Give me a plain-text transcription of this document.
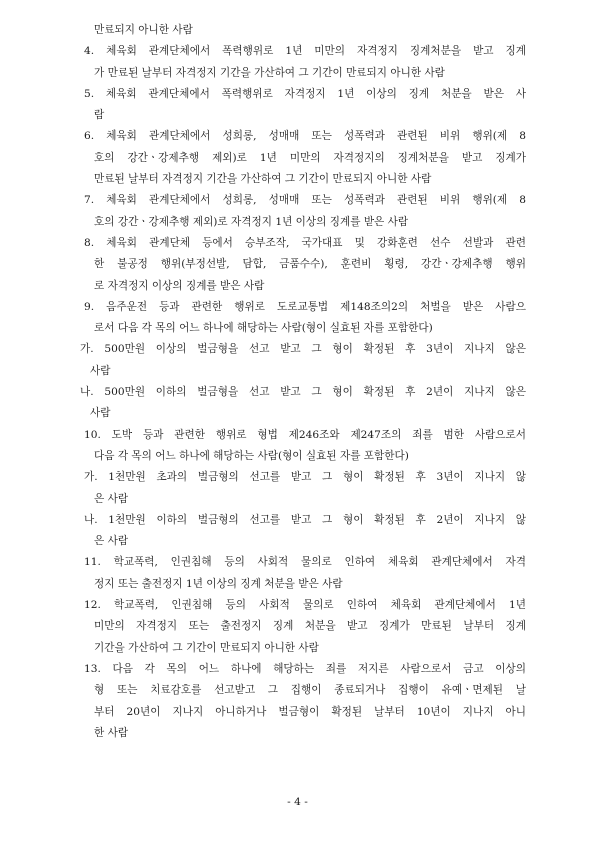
만료되지 아니한 사람

4. 체육회 관계단체에서 폭력행위로 1년 미만의 자격정지 징계처분을 받고 징계
가 만료된 날부터 자격정지 기간을 가산하여 그 기간이 만료되지 아니한 사람

5. 체육회 관계단체에서 폭력행위로 자격정지 1년 이상의 징계 처분을 받은 사
람

6. 체육회 관계단체에서 성희롱, 성매매 또는 성폭력과 관련된 비위 행위(제 8
호의 강간ㆍ강제추행 제외)로 1년 미만의 자격정지의 징계처분을 받고 징계가
만료된 날부터 자격정지 기간을 가산하여 그 기간이 만료되지 아니한 사람

7. 체육회 관계단체에서 성희롱, 성매매 또는 성폭력과 관련된 비위 행위(제 8
호의 강간ㆍ강제추행 제외)로 자격정지 1년 이상의 징계를 받은 사람

8. 체육회 관계단체 등에서 승부조작, 국가대표 및 강화훈련 선수 선발과 관련
한 불공정 행위(부정선발, 담합, 금품수수), 훈련비 횡령, 강간ㆍ강제추행 행위
로 자격정지 이상의 징계를 받은 사람

9. 음주운전 등과 관련한 행위로 도로교통법 제148조의2의 처벌을 받은 사람으
로서 다음 각 목의 어느 하나에 해당하는 사람(형이 실효된 자를 포함한다)

가. 500만원 이상의 벌금형을 선고 받고 그 형이 확정된 후 3년이 지나지 않은
사람

나. 500만원 이하의 벌금형을 선고 받고 그 형이 확정된 후 2년이 지나지 않은
사람

10. 도박 등과 관련한 행위로 형법 제246조와 제247조의 죄를 범한 사람으로서
다음 각 목의 어느 하나에 해당하는 사람(형이 실효된 자를 포함한다)

가. 1천만원 초과의 벌금형의 선고를 받고 그 형이 확정된 후 3년이 지나지 않
은 사람

나. 1천만원 이하의 벌금형의 선고를 받고 그 형이 확정된 후 2년이 지나지 않
은 사람

11. 학교폭력, 인권침해 등의 사회적 물의로 인하여 체육회 관계단체에서 자격
정지 또는 출전정지 1년 이상의 징계 처분을 받은 사람

12. 학교폭력, 인권침해 등의 사회적 물의로 인하여 체육회 관계단체에서 1년
미만의 자격정지 또는 출전정지 징계 처분을 받고 징계가 만료된 날부터 징계
기간을 가산하여 그 기간이 만료되지 아니한 사람

13. 다음 각 목의 어느 하나에 해당하는 죄를 저지른 사람으로서 금고 이상의
형 또는 치료감호를 선고받고 그 집행이 종료되거나 집행이 유예ㆍ면제된 날
부터 20년이 지나지 아니하거나 벌금형이 확정된 날부터 10년이 지나지 아니
한 사람

- 4 -
